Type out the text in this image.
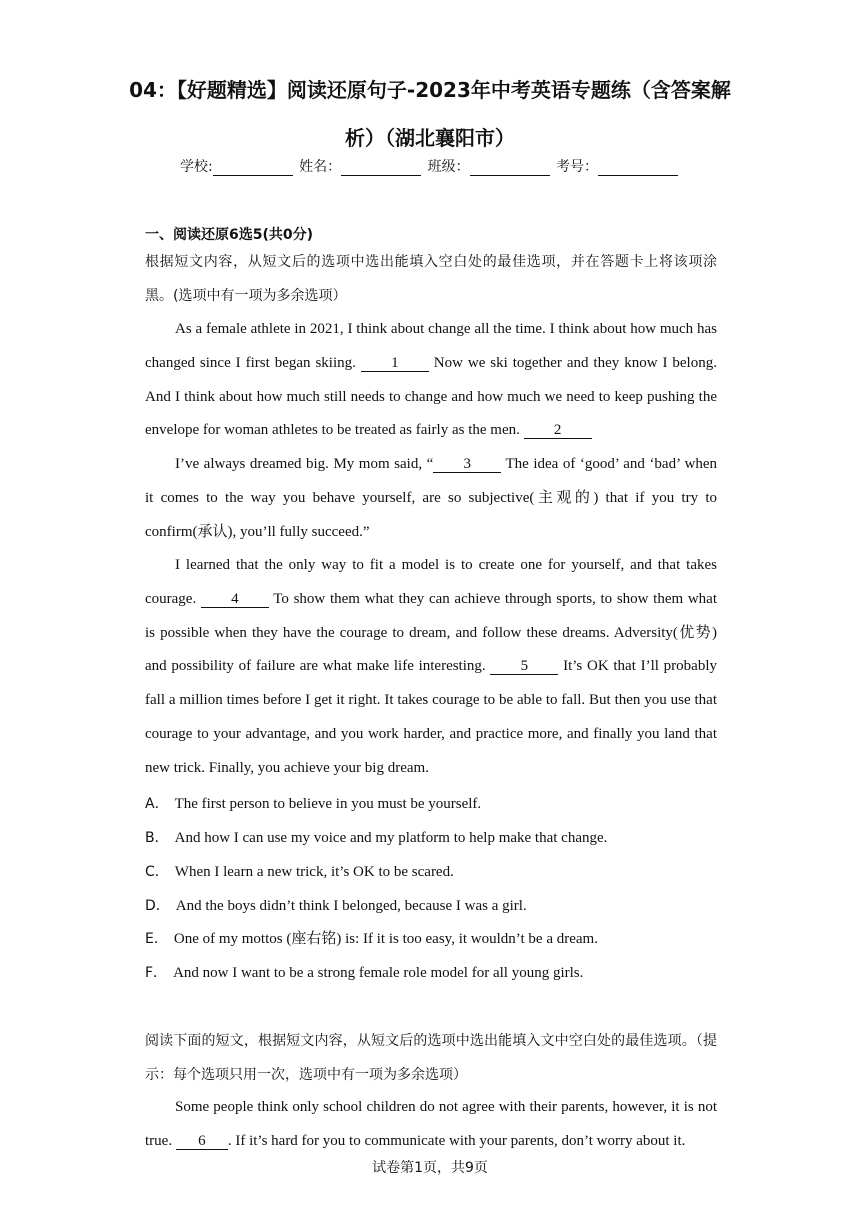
04：【好题精选】阅读还原句子-2023年中考英语专题练（含答案解析）（湖北襄阳市）
学校:	姓名：	班级：	考号：
一、阅读还原6选5(共0分)
根据短文内容，从短文后的选项中选出能填入空白处的最佳选项，并在答题卡上将该项涂黑。(选项中有一项为多余选项）
As a female athlete in 2021, I think about change all the time. I think about how much has changed since I first began skiing. 1 Now we ski together and they know I belong. And I think about how much still needs to change and how much we need to keep pushing the envelope for woman athletes to be treated as fairly as the men. 2
I’ve always dreamed big. My mom said, “ 3 The idea of ‘good’ and ‘bad’ when it comes to the way you behave yourself, are so subjective(主观的) that if you try to confirm(承认), you’ll fully succeed.”
I learned that the only way to fit a model is to create one for yourself, and that takes courage. 4 To show them what they can achieve through sports, to show them what is possible when they have the courage to dream, and follow these dreams. Adversity(优势) and possibility of failure are what make life interesting. 5 It’s OK that I’ll probably fall a million times before I get it right. It takes courage to be able to fall. But then you use that courage to your advantage, and you work harder, and practice more, and finally you land that new trick. Finally, you achieve your big dream.
A． The first person to believe in you must be yourself.
B． And how I can use my voice and my platform to help make that change.
C． When I learn a new trick, it’s OK to be scared.
D． And the boys didn’t think I belonged, because I was a girl.
E． One of my mottos (座右铭) is: If it is too easy, it wouldn’t be a dream.
F． And now I want to be a strong female role model for all young girls.
阅读下面的短文，根据短文内容，从短文后的选项中选出能填入文中空白处的最佳选项。（提示：每个选项只用一次，选项中有一项为多余选项）
Some people think only school children do not agree with their parents, however, it is not true. 6 . If it’s hard for you to communicate with your parents, don’t worry about it.
试卷第1页，共9页
